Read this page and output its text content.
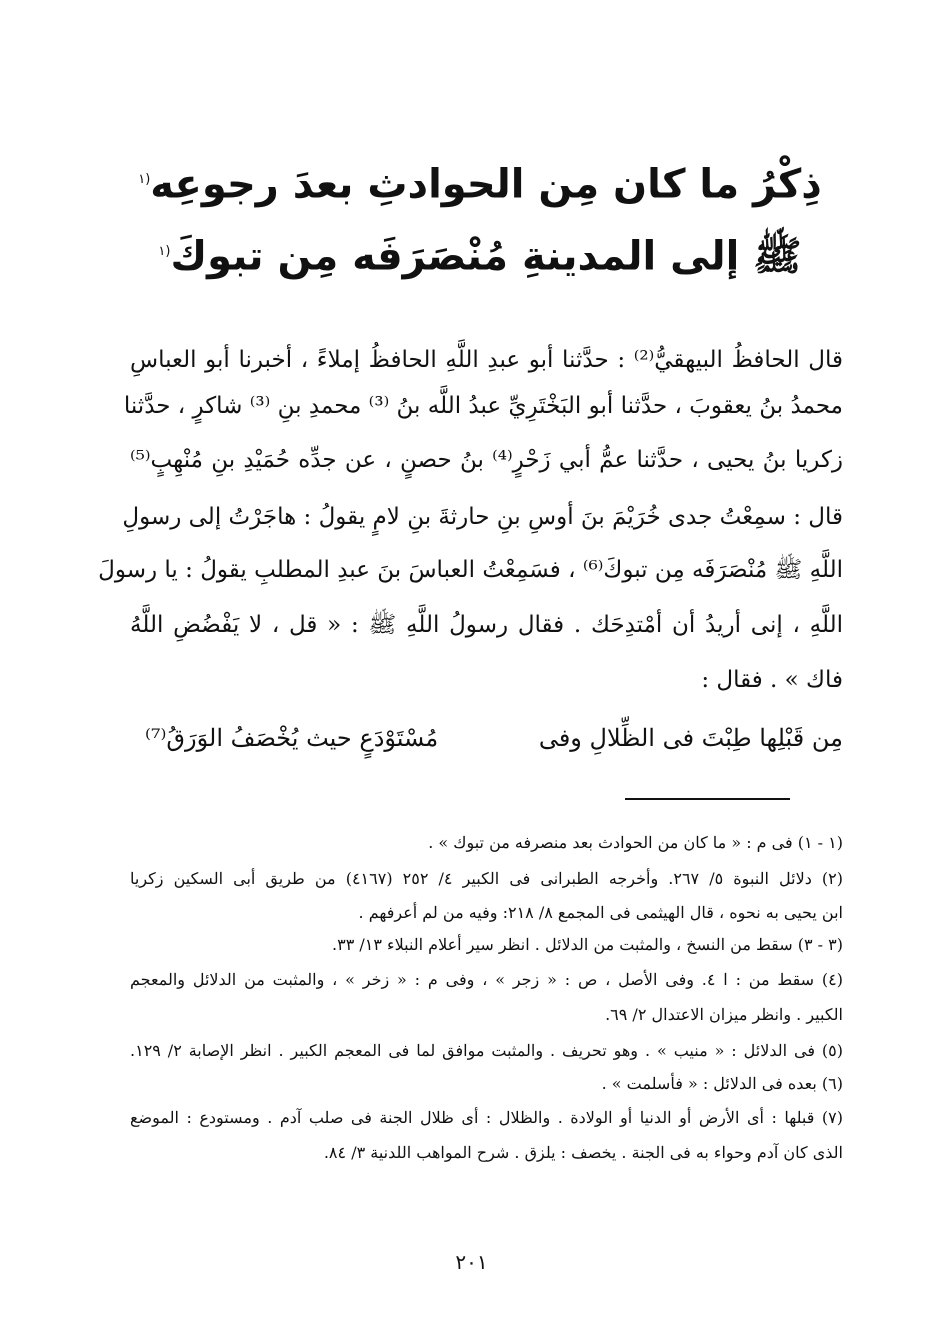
ذِكْرُ ما كان مِن الحوادثِ بعدَ رجوعِه$^{(١}$
ﷺ إلى المدينةِ مُنْصَرَفَه مِن تبوكَ$^{(١}$
قال الحافظُ البيهقيُّ⁽²⁾ : حدَّثنا أبو عبدِ اللَّهِ الحافظُ إملاءً ، أخبرنا أبو العباسِ
محمدُ بنُ يعقوبَ ، حدَّثنا أبو البَخْتَرِيِّ عبدُ اللَّه بنُ ⁽³⁾ محمدِ بنِ ⁽³⁾ شاكرٍ ، حدَّثنا
زكريا بنُ يحيى ، حدَّثنا عمُّ أبي زَحْرٍ⁽⁴⁾ بنُ حصنٍ ، عن جدِّه حُمَيْدِ بنِ مُنْهِبٍ⁽⁵⁾
قال : سمِعْتُ جدى خُرَيْمَ بنَ أوسِ بنِ حارثةَ بنِ لامٍ يقولُ : هاجَرْتُ إلى رسولِ
اللَّهِ ﷺ مُنْصَرَفَه مِن تبوكَ⁽⁶⁾ ، فسَمِعْتُ العباسَ بنَ عبدِ المطلبِ يقولُ : يا رسولَ
اللَّهِ ، إنى أريدُ أن أمْتدِحَك . فقال رسولُ اللَّهِ ﷺ : « قل ، لا يَفْضُضِ اللَّهُ
فاك » . فقال :
مِن قَبْلِها طِبْتَ فى الظِّلالِ وفى
مُسْتَوْدَعٍ حيث يُخْصَفُ الوَرَقُ⁽⁷⁾
(١ - ١) فى م : « ما كان من الحوادث بعد منصرفه من تبوك » .
(٢) دلائل النبوة ٥/ ٢٦٧. وأخرجه الطبرانى فى الكبير ٤/ ٢٥٢ (٤١٦٧) من طريق أبى السكين زكريا
ابن يحيى به نحوه ، قال الهيثمى فى المجمع ٨/ ٢١٨: وفيه من لم أعرفهم .
(٣ - ٣) سقط من النسخ ، والمثبت من الدلائل . انظر سير أعلام النبلاء ١٣/ ٣٣.
(٤) سقط من : ا ٤. وفى الأصل ، ص : « زجر » ، وفى م : « زخر » ، والمثبت من الدلائل والمعجم
الكبير . وانظر ميزان الاعتدال ٢/ ٦٩.
(٥) فى الدلائل : « منيب » . وهو تحريف . والمثبت موافق لما فى المعجم الكبير . انظر الإصابة ٢/ ١٢٩.
(٦) بعده فى الدلائل : « فأسلمت » .
(٧) قبلها : أى الأرض أو الدنيا أو الولادة . والظلال : أى ظلال الجنة فى صلب آدم . ومستودع : الموضع
الذى كان آدم وحواء به فى الجنة . يخصف : يلزق . شرح المواهب اللدنية ٣/ ٨٤.
٢٠١
